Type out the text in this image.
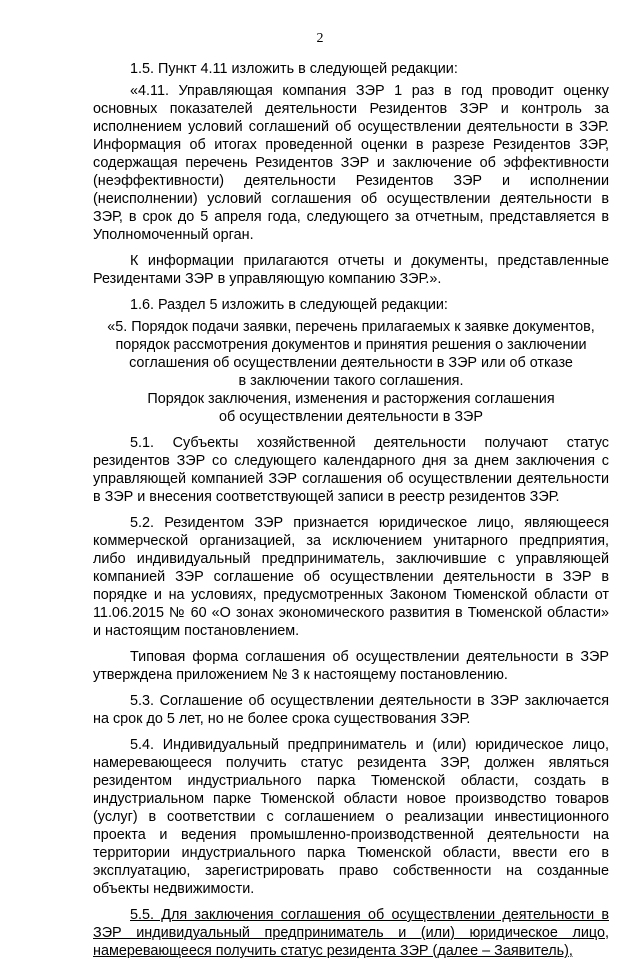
2

1.5. Пункт 4.11 изложить в следующей редакции:

«4.11. Управляющая компания ЗЭР 1 раз в год проводит оценку основных показателей деятельности Резидентов ЗЭР и контроль за исполнением условий соглашений об осуществлении деятельности в ЗЭР. Информация об итогах проведенной оценки в разрезе Резидентов ЗЭР, содержащая перечень Резидентов ЗЭР и заключение об эффективности (неэффективности) деятельности Резидентов ЗЭР и исполнении (неисполнении) условий соглашения об осуществлении деятельности в ЗЭР, в срок до 5 апреля года, следующего за отчетным, представляется в Уполномоченный орган.

К информации прилагаются отчеты и документы, представленные Резидентами ЗЭР в управляющую компанию ЗЭР.».

1.6. Раздел 5 изложить в следующей редакции:

«5. Порядок подачи заявки, перечень прилагаемых к заявке документов,
порядок рассмотрения документов и принятия решения о заключении
соглашения об осуществлении деятельности в ЗЭР или об отказе
в заключении такого соглашения.
Порядок заключения, изменения и расторжения соглашения
об осуществлении деятельности в ЗЭР

5.1. Субъекты хозяйственной деятельности получают статус резидентов ЗЭР со следующего календарного дня за днем заключения с управляющей компанией ЗЭР соглашения об осуществлении деятельности в ЗЭР и внесения соответствующей записи в реестр резидентов ЗЭР.

5.2. Резидентом ЗЭР признается юридическое лицо, являющееся коммерческой организацией, за исключением унитарного предприятия, либо индивидуальный предприниматель, заключившие с управляющей компанией ЗЭР соглашение об осуществлении деятельности в ЗЭР в порядке и на условиях, предусмотренных Законом Тюменской области от 11.06.2015 № 60 «О зонах экономического развития в Тюменской области» и настоящим постановлением.

Типовая форма соглашения об осуществлении деятельности в ЗЭР утверждена приложением № 3 к настоящему постановлению.

5.3. Соглашение об осуществлении деятельности в ЗЭР заключается на срок до 5 лет, но не более срока существования ЗЭР.

5.4. Индивидуальный предприниматель и (или) юридическое лицо, намеревающееся получить статус резидента ЗЭР, должен являться резидентом индустриального парка Тюменской области, создать в индустриальном парке Тюменской области новое производство товаров (услуг) в соответствии с соглашением о реализации инвестиционного проекта и ведения промышленно-производственной деятельности на территории индустриального парка Тюменской области, ввести его в эксплуатацию, зарегистрировать право собственности на созданные объекты недвижимости.

5.5. Для заключения соглашения об осуществлении деятельности в ЗЭР индивидуальный предприниматель и (или) юридическое лицо, намеревающееся получить статус резидента ЗЭР (далее – Заявитель),
